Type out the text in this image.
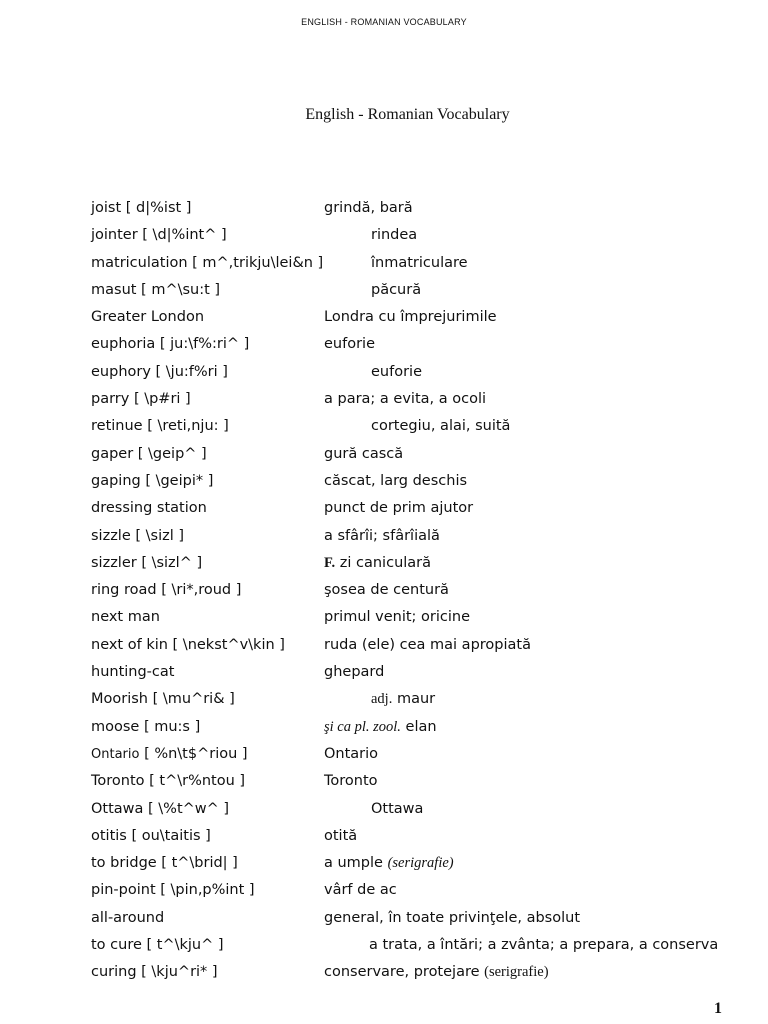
ENGLISH - ROMANIAN VOCABULARY
English - Romanian Vocabulary
joist [ d|%ist ]	grindă, bară
jointer [ \d|%int^ ]	rindea
matriculation [ m^,trikju\lei&n ]	înmatriculare
masut [ m^\su:t ]	păcură
Greater London	Londra cu împrejurimile
euphoria [ ju:\f%:ri^ ]	euforie
euphory [ \ju:f%ri ]	euforie
parry [ \p#ri ]	a para; a evita, a ocoli
retinue [ \reti,nju: ]	cortegiu, alai, suită
gaper [ \geip^ ]	gură cască
gaping [ \geipi* ]	căscat, larg deschis
dressing station	punct de prim ajutor
sizzle [ \sizl ]	a sfârîi; sfârîială
sizzler [ \sizl^ ]	F. zi caniculară
ring road [ \ri*,roud ]	şosea de centură
next man	primul venit; oricine
next of kin [ \nekst^v\kin ]	ruda (ele) cea mai apropiată
hunting-cat	ghepard
Moorish [ \mu^ri& ]	adj. maur
moose [ mu:s ]	şi ca pl. zool. elan
Ontario [ %n\t$^riou ]	Ontario
Toronto [ t^\r%ntou ]	Toronto
Ottawa [ \%t^w^ ]	Ottawa
otitis [ ou\taitis ]	otită
to bridge [ t^\brid| ]	a umple (serigrafie)
pin-point [ \pin,p%int ]	vârf de ac
all-around	general, în toate privinţele, absolut
to cure [ t^\kju^ ]	a trata, a întări; a zvânta; a prepara, a conserva
curing [ \kju^ri* ]	conservare, protejare (serigrafie)
1
